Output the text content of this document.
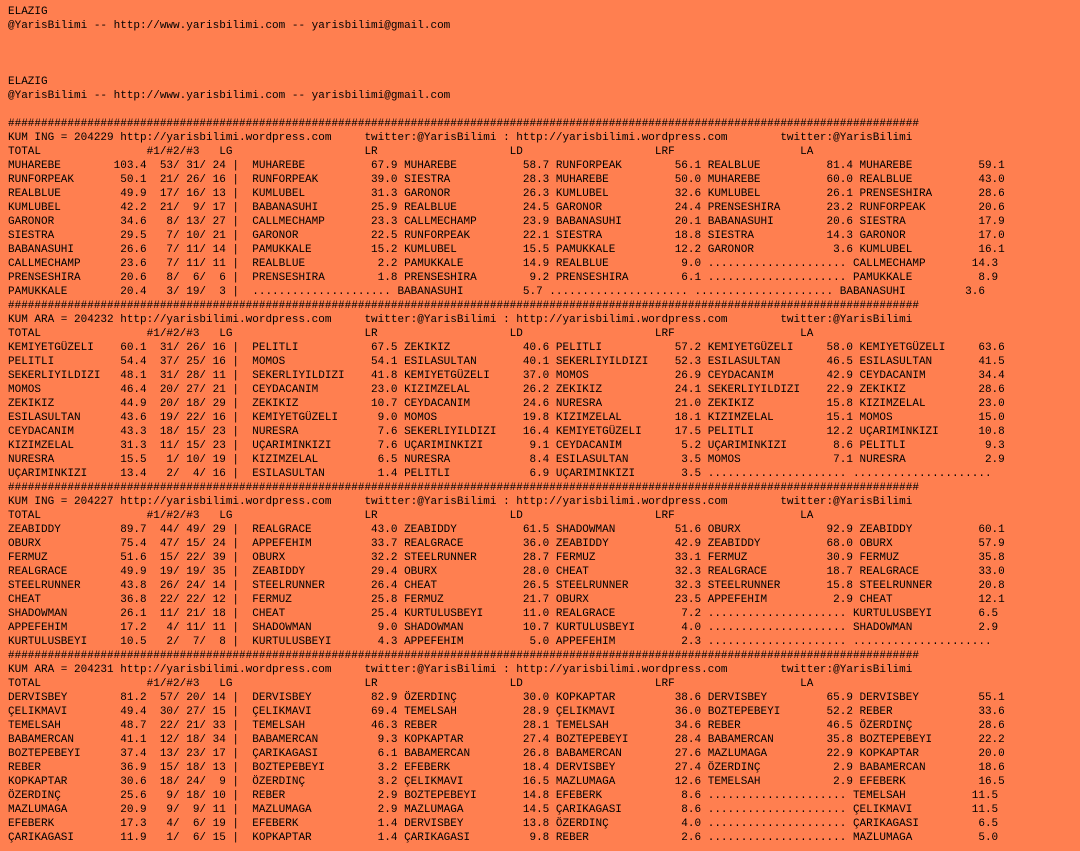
ELAZIG
@YarisBilimi -- http://www.yarisbilimi.com -- yarisbilimi@gmail.com

ELAZIG
@YarisBilimi -- http://www.yarisbilimi.com -- yarisbilimi@gmail.com

##########################################################################################################################################
KUM ING = 204229 http://yarisbilimi.wordpress.com     twitter:@YarisBilimi : http://yarisbilimi.wordpress.com        twitter:@YarisBilimi
TOTAL                #1/#2/#3   LG                    LR                    LD                    LRF                   LA
MUHAREBE        103.4  53/ 31/ 24 |  MUHAREBE          67.9 MUHAREBE          58.7 RUNFORPEAK        56.1 REALBLUE          81.4 MUHAREBE          59.1
RUNFORPEAK       50.1  21/ 26/ 16 |  RUNFORPEAK        39.0 SIESTRA           28.3 MUHAREBE          50.0 MUHAREBE          60.0 REALBLUE          43.0
REALBLUE         49.9  17/ 16/ 13 |  KUMLUBEL          31.3 GARONOR           26.3 KUMLUBEL          32.6 KUMLUBEL          26.1 PRENSESHIRA       28.6
KUMLUBEL         42.2  21/  9/ 17 |  BABANASUHI        25.9 REALBLUE          24.5 GARONOR           24.4 PRENSESHIRA       23.2 RUNFORPEAK        20.6
GARONOR          34.6   8/ 13/ 27 |  CALLMECHAMP       23.3 CALLMECHAMP       23.9 BABANASUHI        20.1 BABANASUHI        20.6 SIESTRA           17.9
SIESTRA          29.5   7/ 10/ 21 |  GARONOR           22.5 RUNFORPEAK        22.1 SIESTRA           18.8 SIESTRA           14.3 GARONOR           17.0
BABANASUHI       26.6   7/ 11/ 14 |  PAMUKKALE         15.2 KUMLUBEL          15.5 PAMUKKALE         12.2 GARONOR            3.6 KUMLUBEL          16.1
CALLMECHAMP      23.6   7/ 11/ 11 |  REALBLUE           2.2 PAMUKKALE         14.9 REALBLUE           9.0 ..................... CALLMECHAMP       14.3
PRENSESHIRA      20.6   8/  6/  6 |  PRENSESHIRA        1.8 PRENSESHIRA        9.2 PRENSESHIRA        6.1 ..................... PAMUKKALE          8.9
PAMUKKALE        20.4   3/ 19/  3 |  ..................... BABANASUHI         5.7 ..................... ..................... BABANASUHI         3.6
##########################################################################################################################################
KUM ARA = 204232 http://yarisbilimi.wordpress.com     twitter:@YarisBilimi : http://yarisbilimi.wordpress.com        twitter:@YarisBilimi
TOTAL                #1/#2/#3   LG                    LR                    LD                    LRF                   LA
KEMIYETGÜZELI    60.1  31/ 26/ 16 |  PELITLI           67.5 ZEKIKIZ           40.6 PELITLI           57.2 KEMIYETGÜZELI     58.0 KEMIYETGÜZELI     63.6
PELITLI          54.4  37/ 25/ 16 |  MOMOS             54.1 ESILASULTAN       40.1 SEKERLIYILDIZI    52.3 ESILASULTAN       46.5 ESILASULTAN       41.5
SEKERLIYILDIZI   48.1  31/ 28/ 11 |  SEKERLIYILDIZI    41.8 KEMIYETGÜZELI     37.0 MOMOS             26.9 CEYDACANIM        42.9 CEYDACANIM        34.4
MOMOS            46.4  20/ 27/ 21 |  CEYDACANIM        23.0 KIZIMZELAL        26.2 ZEKIKIZ           24.1 SEKERLIYILDIZI    22.9 ZEKIKIZ           28.6
ZEKIKIZ          44.9  20/ 18/ 29 |  ZEKIKIZ           10.7 CEYDACANIM        24.6 NURESRA           21.0 ZEKIKIZ           15.8 KIZIMZELAL        23.0
ESILASULTAN      43.6  19/ 22/ 16 |  KEMIYETGÜZELI      9.0 MOMOS             19.8 KIZIMZELAL        18.1 KIZIMZELAL        15.1 MOMOS             15.0
CEYDACANIM       43.3  18/ 15/ 23 |  NURESRA            7.6 SEKERLIYILDIZI    16.4 KEMIYETGÜZELI     17.5 PELITLI           12.2 UÇARIMINKIZI      10.8
KIZIMZELAL       31.3  11/ 15/ 23 |  UÇARIMINKIZI       7.6 UÇARIMINKIZI       9.1 CEYDACANIM         5.2 UÇARIMINKIZI       8.6 PELITLI            9.3
NURESRA          15.5   1/ 10/ 19 |  KIZIMZELAL         6.5 NURESRA            8.4 ESILASULTAN        3.5 MOMOS              7.1 NURESRA            2.9
UÇARIMINKIZI     13.4   2/  4/ 16 |  ESILASULTAN        1.4 PELITLI            6.9 UÇARIMINKIZI       3.5 ..................... .....................
##########################################################################################################################################
KUM ING = 204227 http://yarisbilimi.wordpress.com     twitter:@YarisBilimi : http://yarisbilimi.wordpress.com        twitter:@YarisBilimi
TOTAL                #1/#2/#3   LG                    LR                    LD                    LRF                   LA
ZEABIDDY         89.7  44/ 49/ 29 |  REALGRACE         43.0 ZEABIDDY          61.5 SHADOWMAN         51.6 OBURX             92.9 ZEABIDDY          60.1
OBURX            75.4  47/ 15/ 24 |  APPEFEHIM         33.7 REALGRACE         36.0 ZEABIDDY          42.9 ZEABIDDY          68.0 OBURX             57.9
FERMUZ           51.6  15/ 22/ 39 |  OBURX             32.2 STEELRUNNER       28.7 FERMUZ            33.1 FERMUZ            30.9 FERMUZ            35.8
REALGRACE        49.9  19/ 19/ 35 |  ZEABIDDY          29.4 OBURX             28.0 CHEAT             32.3 REALGRACE         18.7 REALGRACE         33.0
STEELRUNNER      43.8  26/ 24/ 14 |  STEELRUNNER       26.4 CHEAT             26.5 STEELRUNNER       32.3 STEELRUNNER       15.8 STEELRUNNER       20.8
CHEAT            36.8  22/ 22/ 12 |  FERMUZ            25.8 FERMUZ            21.7 OBURX             23.5 APPEFEHIM          2.9 CHEAT             12.1
SHADOWMAN        26.1  11/ 21/ 18 |  CHEAT             25.4 KURTULUSBEYI      11.0 REALGRACE          7.2 ..................... KURTULUSBEYI       6.5
APPEFEHIM        17.2   4/ 11/ 11 |  SHADOWMAN          9.0 SHADOWMAN         10.7 KURTULUSBEYI       4.0 ..................... SHADOWMAN          2.9
KURTULUSBEYI     10.5   2/  7/  8 |  KURTULUSBEYI       4.3 APPEFEHIM          5.0 APPEFEHIM          2.3 ..................... .....................
##########################################################################################################################################
KUM ARA = 204231 http://yarisbilimi.wordpress.com     twitter:@YarisBilimi : http://yarisbilimi.wordpress.com        twitter:@YarisBilimi
TOTAL                #1/#2/#3   LG                    LR                    LD                    LRF                   LA
DERVISBEY        81.2  57/ 20/ 14 |  DERVISBEY         82.9 ÖZERDINÇ          30.0 KOPKAPTAR         38.6 DERVISBEY         65.9 DERVISBEY         55.1
ÇELIKMAVI        49.4  30/ 27/ 15 |  ÇELIKMAVI         69.4 TEMELSAH          28.9 ÇELIKMAVI         36.0 BOZTEPEBEYI       52.2 REBER             33.6
TEMELSAH         48.7  22/ 21/ 33 |  TEMELSAH          46.3 REBER             28.1 TEMELSAH          34.6 REBER             46.5 ÖZERDINÇ          28.6
BABAMERCAN       41.1  12/ 18/ 34 |  BABAMERCAN         9.3 KOPKAPTAR         27.4 BOZTEPEBEYI       28.4 BABAMERCAN        35.8 BOZTEPEBEYI       22.2
BOZTEPEBEYI      37.4  13/ 23/ 17 |  ÇARIKAGASI         6.1 BABAMERCAN        26.8 BABAMERCAN        27.6 MAZLUMAGA         22.9 KOPKAPTAR         20.0
REBER            36.9  15/ 18/ 13 |  BOZTEPEBEYI        3.2 EFEBERK           18.4 DERVISBEY         27.4 ÖZERDINÇ           2.9 BABAMERCAN        18.6
KOPKAPTAR        30.6  18/ 24/  9 |  ÖZERDINÇ           3.2 ÇELIKMAVI         16.5 MAZLUMAGA         12.6 TEMELSAH           2.9 EFEBERK           16.5
ÖZERDINÇ         25.6   9/ 18/ 10 |  REBER              2.9 BOZTEPEBEYI       14.8 EFEBERK            8.6 ..................... TEMELSAH          11.5
MAZLUMAGA        20.9   9/  9/ 11 |  MAZLUMAGA          2.9 MAZLUMAGA         14.5 ÇARIKAGASI         8.6 ..................... ÇELIKMAVI         11.5
EFEBERK          17.3   4/  6/ 19 |  EFEBERK            1.4 DERVISBEY         13.8 ÖZERDINÇ           4.0 ..................... ÇARIKAGASI         6.5
ÇARIKAGASI       11.9   1/  6/ 15 |  KOPKAPTAR          1.4 ÇARIKAGASI         9.8 REBER              2.6 ..................... MAZLUMAGA          5.0
